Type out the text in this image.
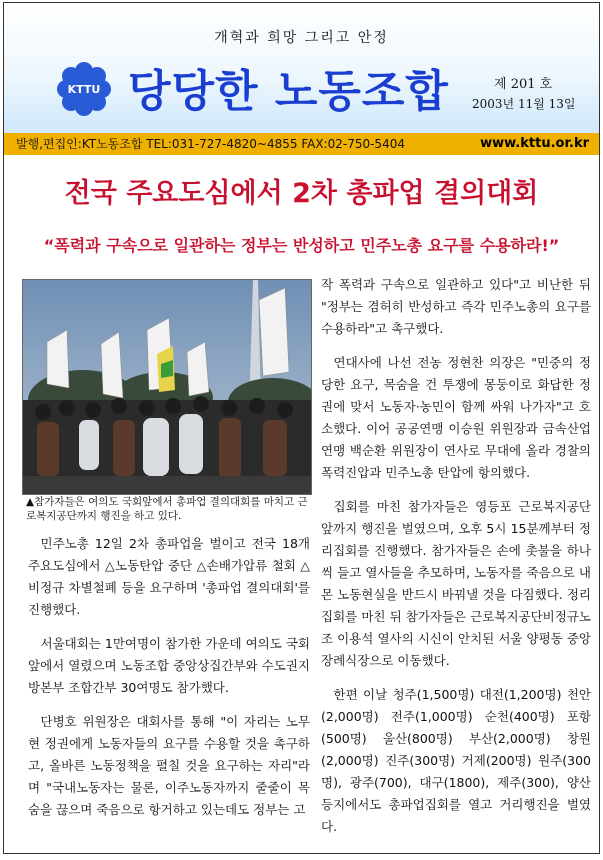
개혁과 희망 그리고 안정
KTTU 당당한 노동조합	제 201 호
2003년 11월 13일
발행,편집인:KT노동조합 TEL:031-727-4820~4855 FAX:02-750-5404	www.kttu.or.kr
전국 주요도심에서 2차 총파업 결의대회
“폭력과 구속으로 일관하는 정부는 반성하고 민주노총 요구를 수용하라!”
▲참가자들은 여의도 국회앞에서 총파업 결의대회를 마치고 근로복지공단까지 행진을 하고 있다.

민주노총 12일 2차 총파업을 벌이고 전국 18개 주요도심에서 △노동탄압 중단 △손배가압류 철회 △비정규 차별철폐 등을 요구하며 '총파업 결의대회'를 진행했다.

서울대회는 1만여명이 참가한 가운데 여의도 국회앞에서 열렸으며 노동조합 중앙상집간부와 수도권지방본부 조합간부 30여명도 참가했다.

단병호 위원장은 대회사를 통해 "이 자리는 노무현 정권에게 노동자들의 요구를 수용할 것을 촉구하고, 올바른 노동정책을 펼칠 것을 요구하는 자리"라며 "국내노동자는 물론, 이주노동자까지 줄줄이 목숨을 끊으며 죽음으로 항거하고 있는데도 정부는 고

작 폭력과 구속으로 일관하고 있다"고 비난한 뒤 "정부는 겸허히 반성하고 즉각 민주노총의 요구를 수용하라"고 촉구했다.

연대사에 나선 전농 정현찬 의장은 "민중의 정당한 요구, 목숨을 건 투쟁에 몽둥이로 화답한 정권에 맞서 노동자·농민이 함께 싸워 나가자"고 호소했다. 이어 공공연맹 이승원 위원장과 금속산업연맹 백순환 위원장이 연사로 무대에 올라 경찰의 폭력진압과 민주노총 탄압에 항의했다.

집회를 마친 참가자들은 영등포 근로복지공단 앞까지 행진을 벌였으며, 오후 5시 15분께부터 정리집회를 진행했다. 참가자들은 손에 촛불을 하나씩 들고 열사들을 추모하며, 노동자를 죽음으로 내몬 노동현실을 반드시 바꿔낼 것을 다짐했다. 정리집회를 마친 뒤 참가자들은 근로복지공단비정규노조 이용석 열사의 시신이 안치된 서울 양평동 중앙장례식장으로 이동했다.

한편 이날 청주(1,500명) 대전(1,200명) 천안(2,000명) 전주(1,000명) 순천(400명) 포항(500명) 울산(800명) 부산(2,000명) 창원(2,000명) 진주(300명) 거제(200명) 원주(300명), 광주(700), 대구(1800), 제주(300), 양산 등지에서도 총파업집회를 열고 거리행진을 벌였다.
